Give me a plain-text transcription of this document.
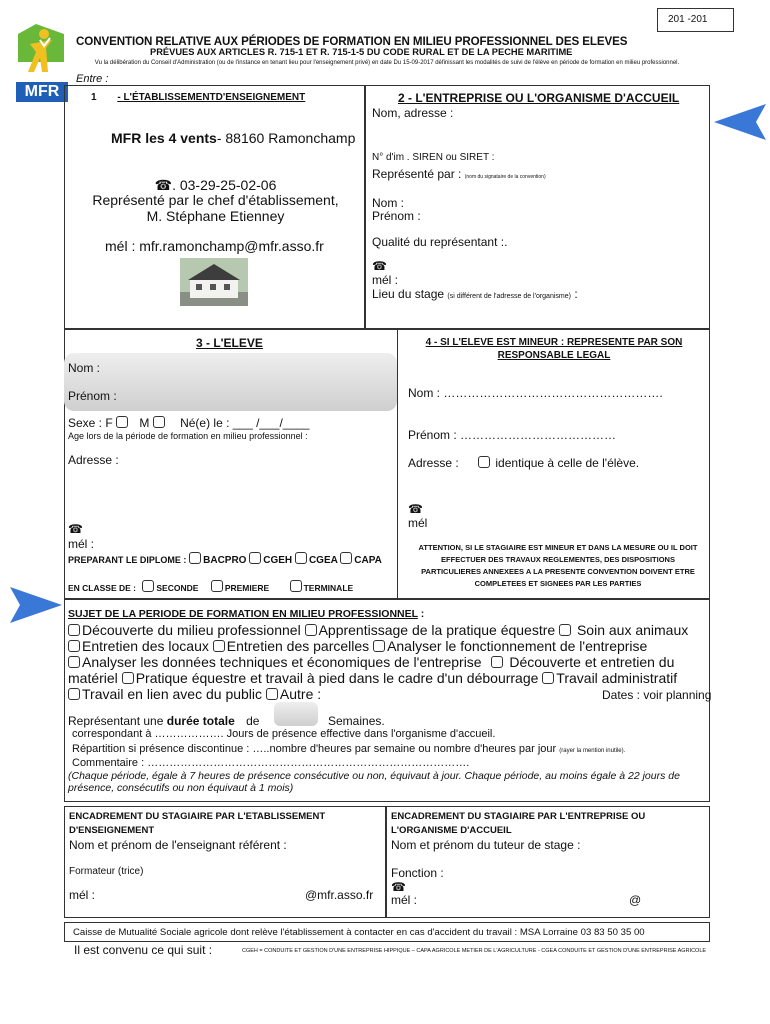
201 -201
MFR
CONVENTION RELATIVE AUX PÉRIODES DE FORMATION EN MILIEU PROFESSIONNEL DES ELEVES
PRÉVUES AUX ARTICLES R. 715-1 ET R. 715-1-5 DU CODE RURAL ET DE LA PECHE MARITIME
Vu la délibération du Conseil d'Administration (ou de l'instance en tenant lieu pour l'enseignement privé) en date Du 15-09-2017 définissant les modalités de suivi de l'élève en période de formation en milieu professionnel.
Entre :
1 - L'ÉTABLISSEMENTD'ENSEIGNEMENT
MFR les 4 vents- 88160 Ramonchamp
☎. 03-29-25-02-06
Représenté par le chef d'établissement,
M. Stéphane Etienney
mél : mfr.ramonchamp@mfr.asso.fr
2 - L'ENTREPRISE OU L'ORGANISME D'ACCUEIL
Nom, adresse :
N° d'im . SIREN ou SIRET :
Représenté par : (nom du signataire de la convention)
Nom :
Prénom :
Qualité du représentant :.
☎
mél :
Lieu du stage (si différent de l'adresse de l'organisme) :
3 - L'ELEVE
Nom :
Prénom :
Sexe : F M	Né(e) le : ___ /___/____
Age lors de la période de formation en milieu professionnel :
Adresse :
☎
mél :
PREPARANT LE DIPLOME : BACPRO CGEH CGEA CAPA
EN CLASSE DE : SECONDE	PREMIERE	TERMINALE
4 - SI L'ELEVE EST MINEUR : REPRESENTE PAR SON
RESPONSABLE LEGAL
Nom : ……………………………………………….
Prénom : …………………………………
Adresse :	identique à celle de l'élève.
☎
mél
ATTENTION, SI LE STAGIAIRE EST MINEUR ET DANS LA MESURE OU IL DOIT
EFFECTUER DES TRAVAUX REGLEMENTES, DES DISPOSITIONS
PARTICULIERES ANNEXEES A LA PRESENTE CONVENTION DOIVENT ETRE
COMPLETEES ET SIGNEES PAR LES PARTIES
SUJET DE LA PERIODE DE FORMATION EN MILIEU PROFESSIONNEL :
Découverte du milieu professionnel Apprentissage de la pratique équestre  Soin aux animaux
Entretien des locaux Entretien des parcelles Analyser le fonctionnement de l'entreprise
Analyser les données techniques et économiques de l'entreprise  Découverte et entretien du
matériel Pratique équestre et travail à pied dans le cadre d'un débourrage Travail administratif
Travail en lien avec du public Autre :	Dates : voir planning
Représentant une durée totale de	Semaines.
correspondant à ………………. Jours de présence effective dans l'organisme d'accueil.
Répartition si présence discontinue : …..nombre d'heures par semaine ou nombre d'heures par jour (rayer la mention inutile).
Commentaire : …………………………………………………………………………….
(Chaque période, égale à 7 heures de présence consécutive ou non, équivaut à jour. Chaque période, au moins égale à 22 jours de présence, consécutifs ou non équivaut à 1 mois)
ENCADREMENT DU STAGIAIRE PAR L'ETABLISSEMENT
D'ENSEIGNEMENT
Nom et prénom de l'enseignant référent :
Formateur (trice)
mél :	@mfr.asso.fr
ENCADREMENT DU STAGIAIRE PAR L'ENTREPRISE OU
L'ORGANISME D'ACCUEIL
Nom et prénom du tuteur de stage :
Fonction :
☎
mél :	@
Caisse de Mutualité Sociale agricole dont relève l'établissement à contacter en cas d'accident du travail : MSA Lorraine 03 83 50 35 00
Il est convenu ce qui suit :	CGEH = CONDUITE ET GESTION D'UNE ENTREPRISE HIPPIQUE – CAPA AGRICOLE METIER DE L'AGRICULTURE - CGEA CONDUITE ET GESTION D'UNE ENTREPRISE AGRICOLE
